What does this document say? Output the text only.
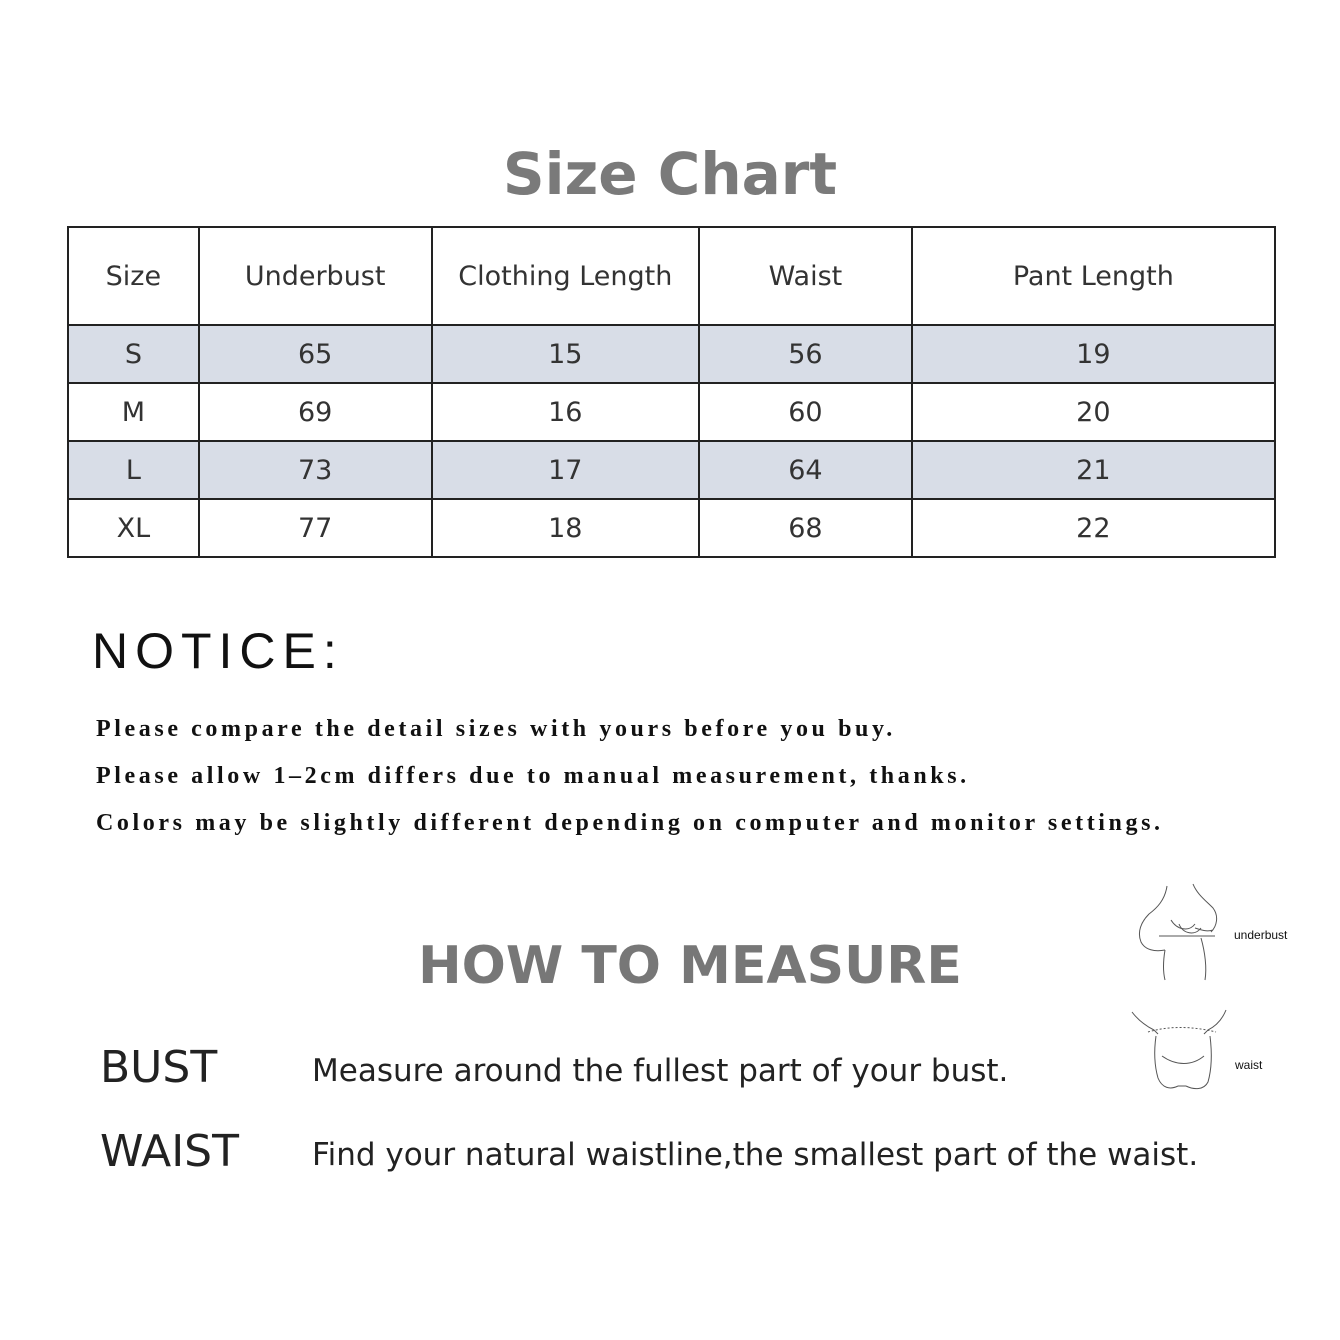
Size Chart
Size	Underbust	Clothing Length	Waist	Pant Length
S	65	15	56	19
M	69	16	60	20
L	73	17	64	21
XL	77	18	68	22
NOTICE:
Please compare the detail sizes with yours before you buy.
Please allow 1–2cm differs due to manual measurement, thanks.
Colors may be slightly different depending on computer and monitor settings.
underbust
waist
HOW TO MEASURE
BUST	Measure around the fullest part of your bust.
WAIST Find your natural waistline,the smallest part of the waist.
